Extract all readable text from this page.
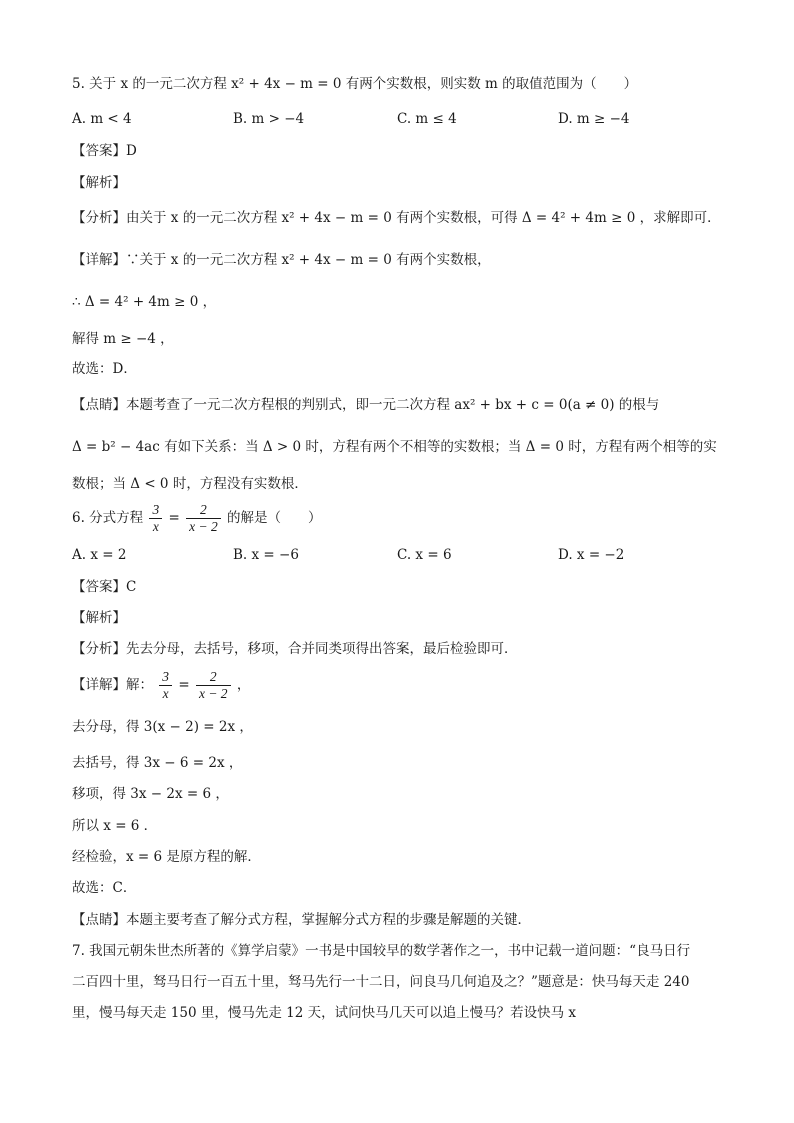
5. 关于 x 的一元二次方程 x² + 4x − m = 0 有两个实数根，则实数 m 的取值范围为（　　）
A. m < 4	B. m > −4	C. m ≤ 4	D. m ≥ −4
【答案】D
【解析】
【分析】由关于 x 的一元二次方程 x² + 4x − m = 0 有两个实数根，可得 Δ = 4² + 4m ≥ 0 ，求解即可．
【详解】∵关于 x 的一元二次方程 x² + 4x − m = 0 有两个实数根，
∴ Δ = 4² + 4m ≥ 0 ，
解得 m ≥ −4 ，
故选：D．
【点睛】本题考查了一元二次方程根的判别式，即一元二次方程 ax² + bx + c = 0(a ≠ 0) 的根与
Δ = b² − 4ac 有如下关系：当 Δ > 0 时，方程有两个不相等的实数根；当 Δ = 0 时，方程有两个相等的实
数根；当 Δ < 0 时，方程没有实数根．
6. 分式方程 $\frac{3}{x} = \frac{2}{x - 2}$ 的解是（　　）
A. x = 2	B. x = −6	C. x = 6	D. x = −2
【答案】C
【解析】
【分析】先去分母，去括号，移项，合并同类项得出答案，最后检验即可．
【详解】解： $\frac{3}{x} = \frac{2}{x - 2}$ ，
去分母，得 3(x − 2) = 2x ，
去括号，得 3x − 6 = 2x ，
移项，得 3x − 2x = 6 ，
所以 x = 6 ．
经检验，x = 6 是原方程的解．
故选：C．
【点睛】本题主要考查了解分式方程，掌握解分式方程的步骤是解题的关键．
7. 我国元朝朱世杰所著的《算学启蒙》一书是中国较早的数学著作之一，书中记载一道问题：“良马日行
二百四十里，驽马日行一百五十里，驽马先行一十二日，问良马几何追及之？”题意是：快马每天走 240
里，慢马每天走 150 里，慢马先走 12 天，试问快马几天可以追上慢马？若设快马 x
